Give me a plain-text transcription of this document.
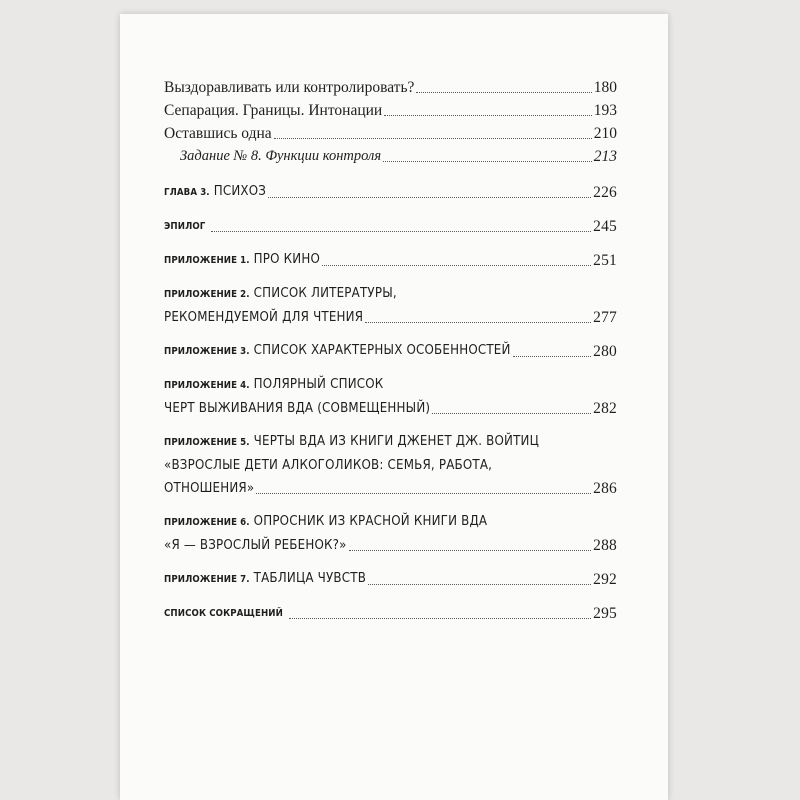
Выздоравливать или контролировать?	180
Сепарация. Границы. Интонации	193
Оставшись одна	210
Задание № 8. Функции контроля	213
ГЛАВА 3. ПСИХОЗ	226
ЭПИЛОГ	245
ПРИЛОЖЕНИЕ 1. ПРО КИНО	251
ПРИЛОЖЕНИЕ 2. СПИСОК ЛИТЕРАТУРЫ,
РЕКОМЕНДУЕМОЙ ДЛЯ ЧТЕНИЯ	277
ПРИЛОЖЕНИЕ 3. СПИСОК ХАРАКТЕРНЫХ ОСОБЕННОСТЕЙ	280
ПРИЛОЖЕНИЕ 4. ПОЛЯРНЫЙ СПИСОК
ЧЕРТ ВЫЖИВАНИЯ ВДА (СОВМЕЩЕННЫЙ)	282
ПРИЛОЖЕНИЕ 5. ЧЕРТЫ ВДА ИЗ КНИГИ ДЖЕНЕТ ДЖ. ВОЙТИЦ
«ВЗРОСЛЫЕ ДЕТИ АЛКОГОЛИКОВ: СЕМЬЯ, РАБОТА,
ОТНОШЕНИЯ»	286
ПРИЛОЖЕНИЕ 6. ОПРОСНИК ИЗ КРАСНОЙ КНИГИ ВДА
«Я — ВЗРОСЛЫЙ РЕБЕНОК?»	288
ПРИЛОЖЕНИЕ 7. ТАБЛИЦА ЧУВСТВ	292
СПИСОК СОКРАЩЕНИЙ	295
